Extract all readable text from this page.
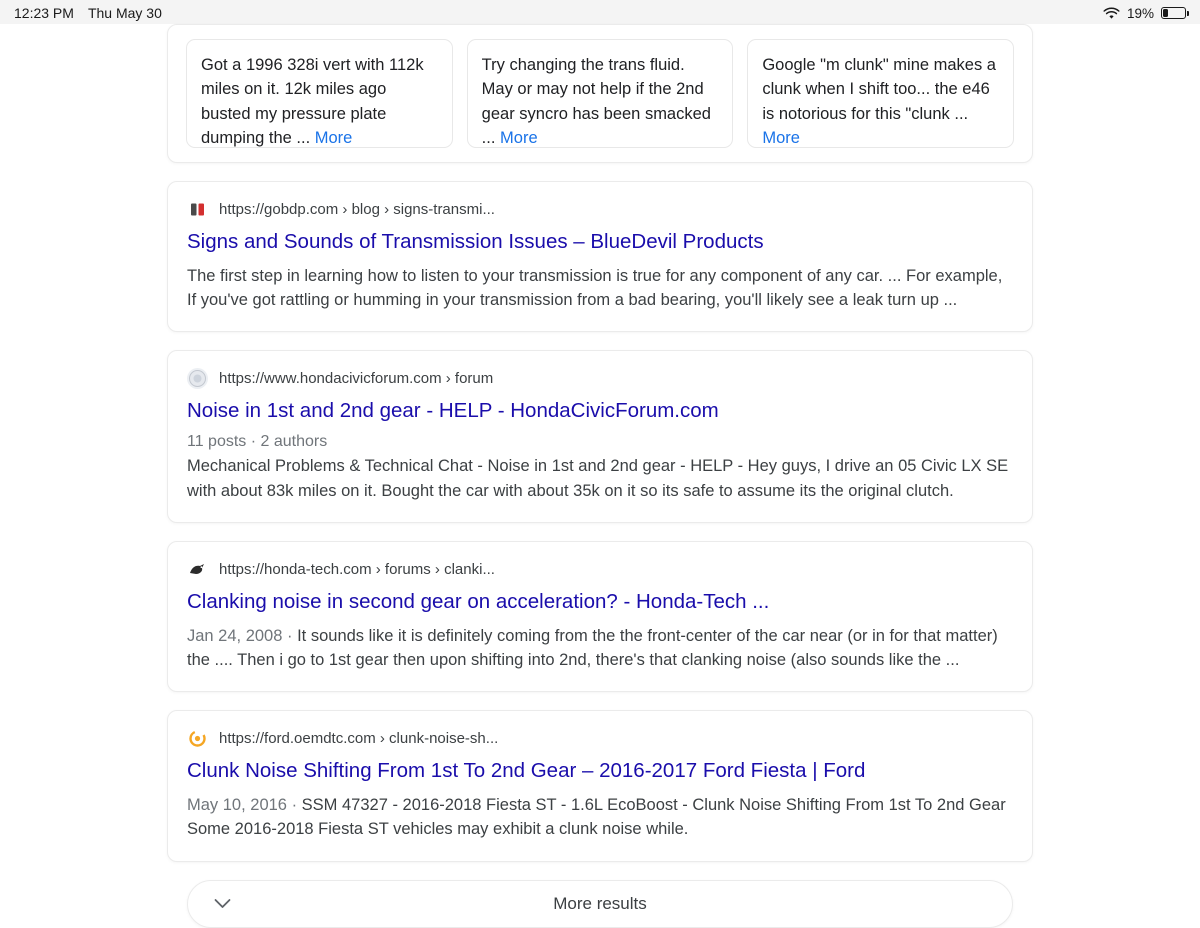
12:23 PM Thu May 30	19%
Got a 1996 328i vert with 112k miles on it. 12k miles ago busted my pressure plate dumping the ... More
Try changing the trans fluid. May or may not help if the 2nd gear syncro has been smacked ... More
Google "m clunk" mine makes a clunk when I shift too... the e46 is notorious for this "clunk ... More
https://gobdp.com › blog › signs-transmi...
Signs and Sounds of Transmission Issues – BlueDevil Products
The first step in learning how to listen to your transmission is true for any component of any car. ... For example, If you've got rattling or humming in your transmission from a bad bearing, you'll likely see a leak turn up ...
https://www.hondacivicforum.com › forum
Noise in 1st and 2nd gear - HELP - HondaCivicForum.com
11 posts · 2 authors
Mechanical Problems & Technical Chat - Noise in 1st and 2nd gear - HELP - Hey guys, I drive an 05 Civic LX SE with about 83k miles on it. Bought the car with about 35k on it so its safe to assume its the original clutch.
https://honda-tech.com › forums › clanki...
Clanking noise in second gear on acceleration? - Honda-Tech ...
Jan 24, 2008 · It sounds like it is definitely coming from the the front-center of the car near (or in for that matter) the .... Then i go to 1st gear then upon shifting into 2nd, there's that clanking noise (also sounds like the ...
https://ford.oemdtc.com › clunk-noise-sh...
Clunk Noise Shifting From 1st To 2nd Gear – 2016-2017 Ford Fiesta | Ford
May 10, 2016 · SSM 47327 - 2016-2018 Fiesta ST - 1.6L EcoBoost - Clunk Noise Shifting From 1st To 2nd Gear Some 2016-2018 Fiesta ST vehicles may exhibit a clunk noise while.
More results
